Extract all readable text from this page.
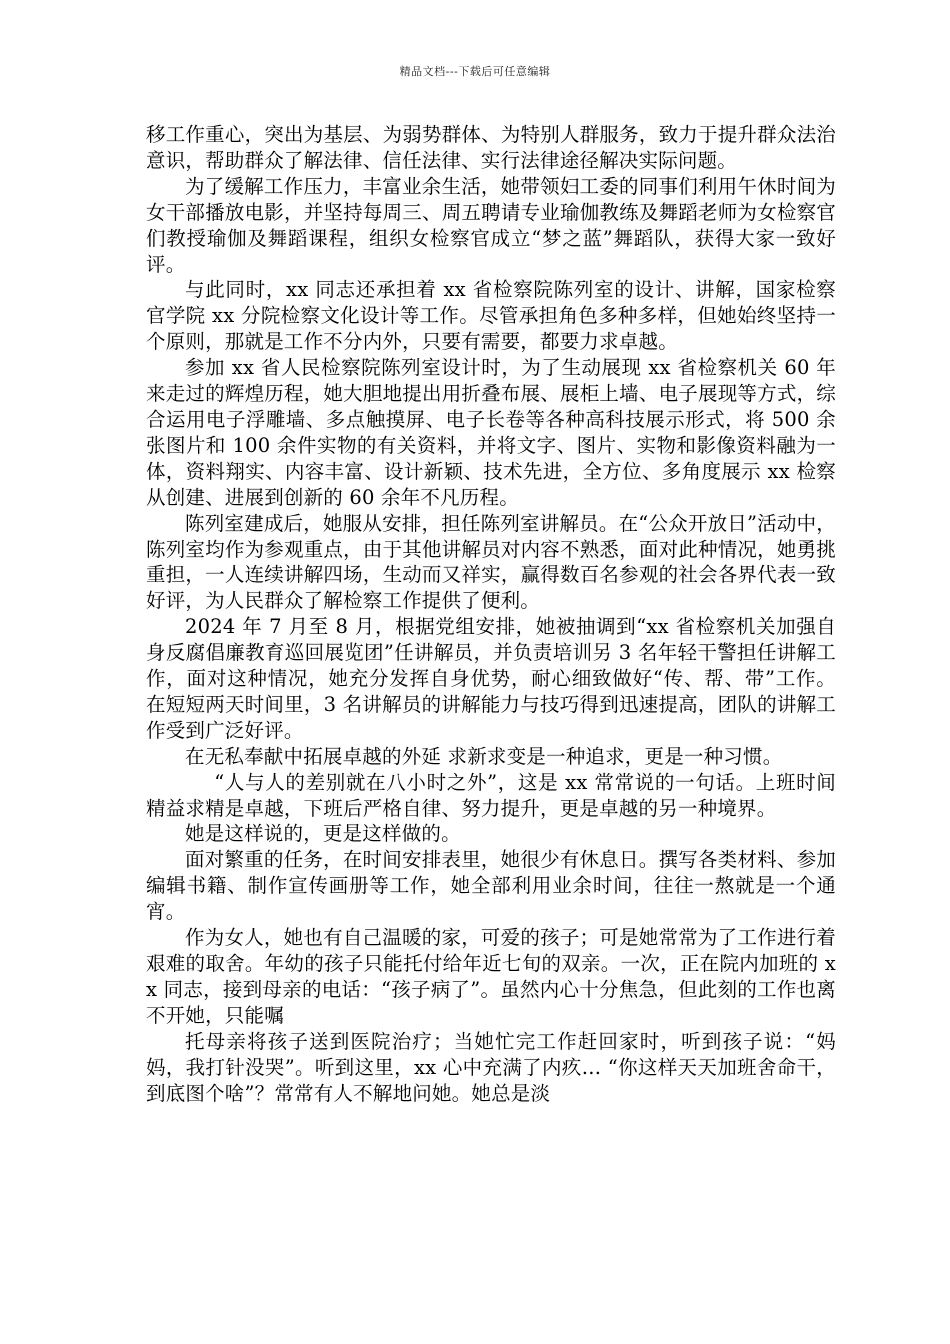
精品文档---下载后可任意编辑

移工作重心，突出为基层、为弱势群体、为特别人群服务，致力于提升群众法治意识，帮助群众了解法律、信任法律、实行法律途径解决实际问题。

为了缓解工作压力，丰富业余生活，她带领妇工委的同事们利用午休时间为女干部播放电影，并坚持每周三、周五聘请专业瑜伽教练及舞蹈老师为女检察官们教授瑜伽及舞蹈课程，组织女检察官成立“梦之蓝”舞蹈队，获得大家一致好评。

与此同时，xx 同志还承担着 xx 省检察院陈列室的设计、讲解，国家检察官学院 xx 分院检察文化设计等工作。尽管承担角色多种多样，但她始终坚持一个原则，那就是工作不分内外，只要有需要，都要力求卓越。

参加 xx 省人民检察院陈列室设计时，为了生动展现 xx 省检察机关 60 年来走过的辉煌历程，她大胆地提出用折叠布展、展柜上墙、电子展现等方式，综合运用电子浮雕墙、多点触摸屏、电子长卷等各种高科技展示形式，将 500 余张图片和 100 余件实物的有关资料，并将文字、图片、实物和影像资料融为一体，资料翔实、内容丰富、设计新颖、技术先进，全方位、多角度展示 xx 检察从创建、进展到创新的 60 余年不凡历程。

陈列室建成后，她服从安排，担任陈列室讲解员。在“公众开放日”活动中，陈列室均作为参观重点，由于其他讲解员对内容不熟悉，面对此种情况，她勇挑重担，一人连续讲解四场，生动而又祥实，赢得数百名参观的社会各界代表一致好评，为人民群众了解检察工作提供了便利。

2024 年 7 月至 8 月，根据党组安排，她被抽调到“xx 省检察机关加强自身反腐倡廉教育巡回展览团”任讲解员，并负责培训另 3 名年轻干警担任讲解工作，面对这种情况，她充分发挥自身优势，耐心细致做好“传、帮、带”工作。在短短两天时间里，3 名讲解员的讲解能力与技巧得到迅速提高，团队的讲解工作受到广泛好评。

在无私奉献中拓展卓越的外延 求新求变是一种追求，更是一种习惯。

“人与人的差别就在八小时之外”，这是 xx 常常说的一句话。上班时间精益求精是卓越，下班后严格自律、努力提升，更是卓越的另一种境界。

她是这样说的，更是这样做的。

面对繁重的任务，在时间安排表里，她很少有休息日。撰写各类材料、参加编辑书籍、制作宣传画册等工作，她全部利用业余时间，往往一熬就是一个通宵。

作为女人，她也有自己温暖的家，可爱的孩子；可是她常常为了工作进行着艰难的取舍。年幼的孩子只能托付给年近七旬的双亲。一次，正在院内加班的 xx 同志，接到母亲的电话：“孩子病了”。虽然内心十分焦急，但此刻的工作也离不开她，只能嘱

托母亲将孩子送到医院治疗；当她忙完工作赶回家时，听到孩子说：“妈妈，我打针没哭”。听到这里，xx 心中充满了内疚… “你这样天天加班舍命干，到底图个啥”？常常有人不解地问她。她总是淡
